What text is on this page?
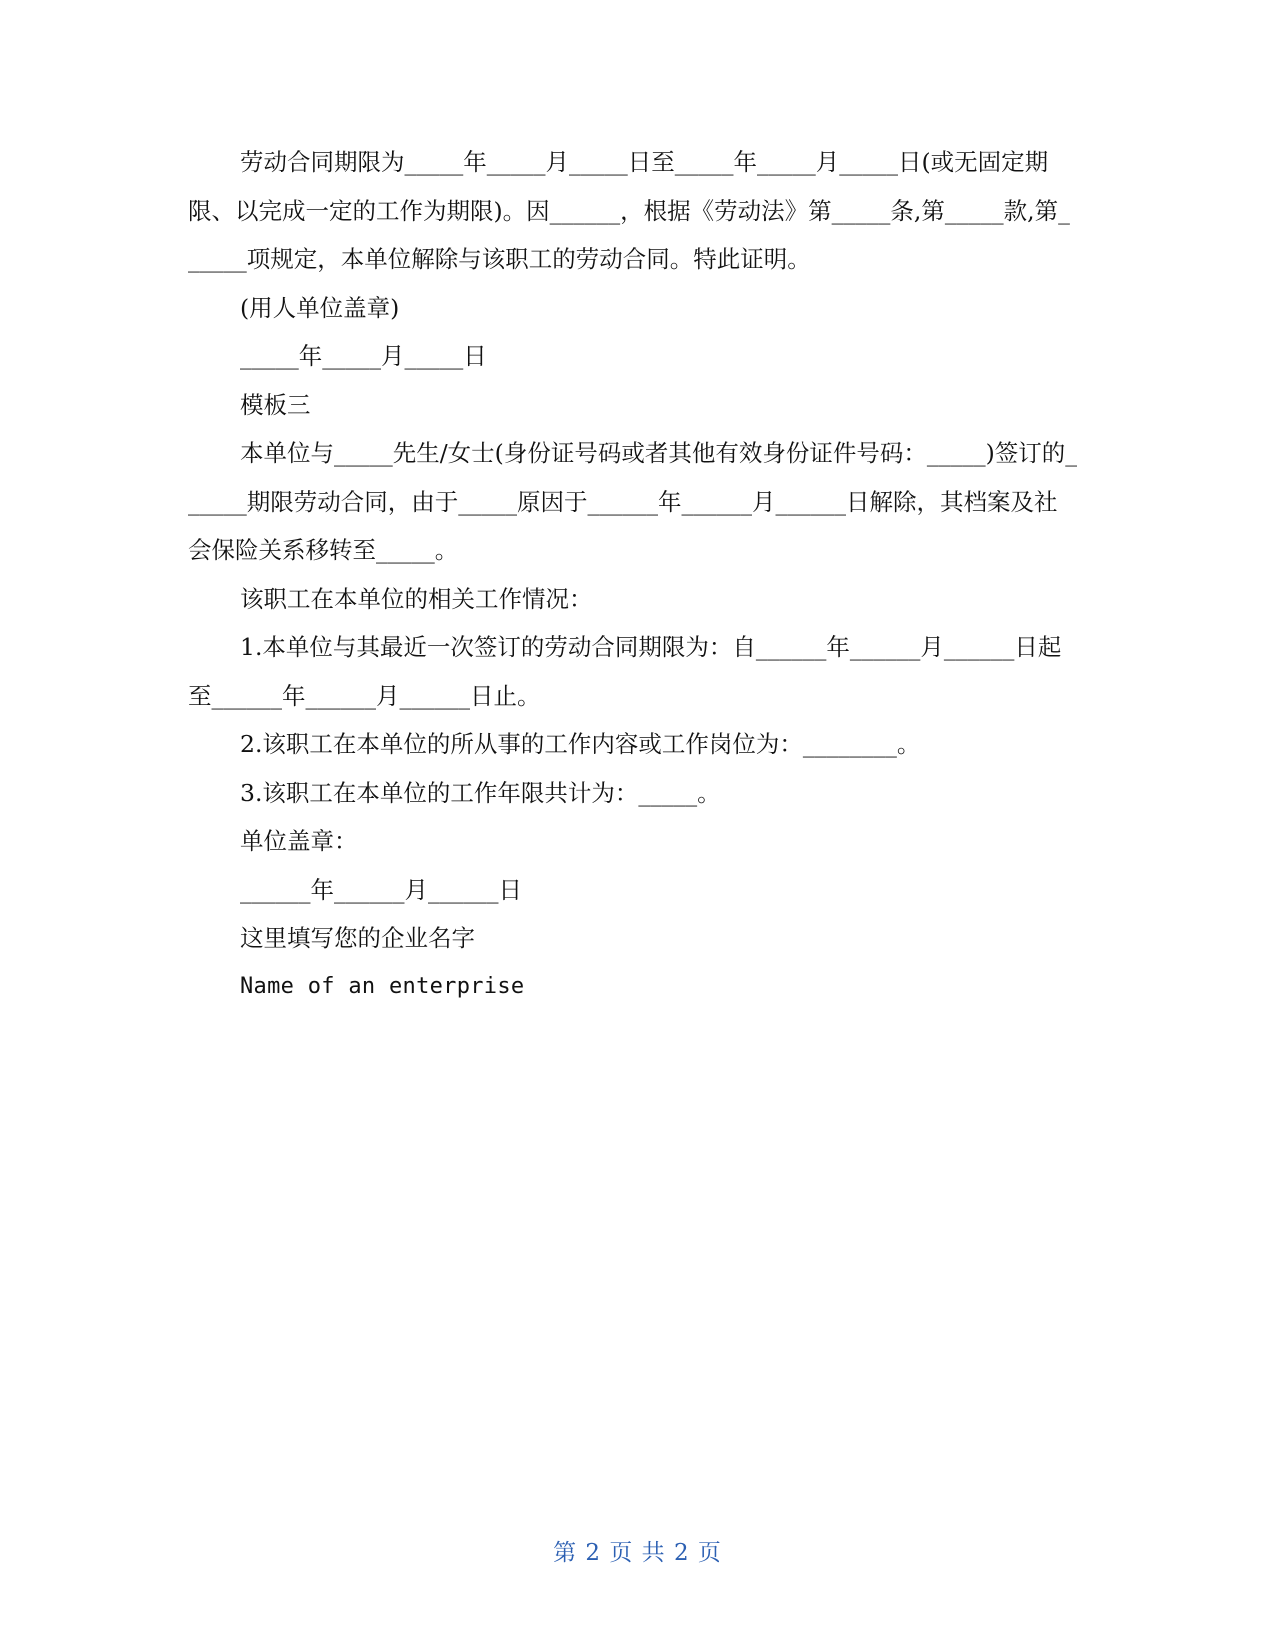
劳动合同期限为_____年_____月_____日至_____年_____月_____日(或无固定期限、以完成一定的工作为期限)。因______，根据《劳动法》第_____条,第_____款,第______项规定，本单位解除与该职工的劳动合同。特此证明。

(用人单位盖章)

_____年_____月_____日

模板三

本单位与_____先生/女士(身份证号码或者其他有效身份证件号码：_____)签订的______期限劳动合同，由于_____原因于______年______月______日解除，其档案及社会保险关系移转至_____。

该职工在本单位的相关工作情况：

1.本单位与其最近一次签订的劳动合同期限为：自______年______月______日起至______年______月______日止。

2.该职工在本单位的所从事的工作内容或工作岗位为：________。

3.该职工在本单位的工作年限共计为：_____。

单位盖章：

______年______月______日

这里填写您的企业名字

Name of an enterprise

第 2 页 共 2 页
